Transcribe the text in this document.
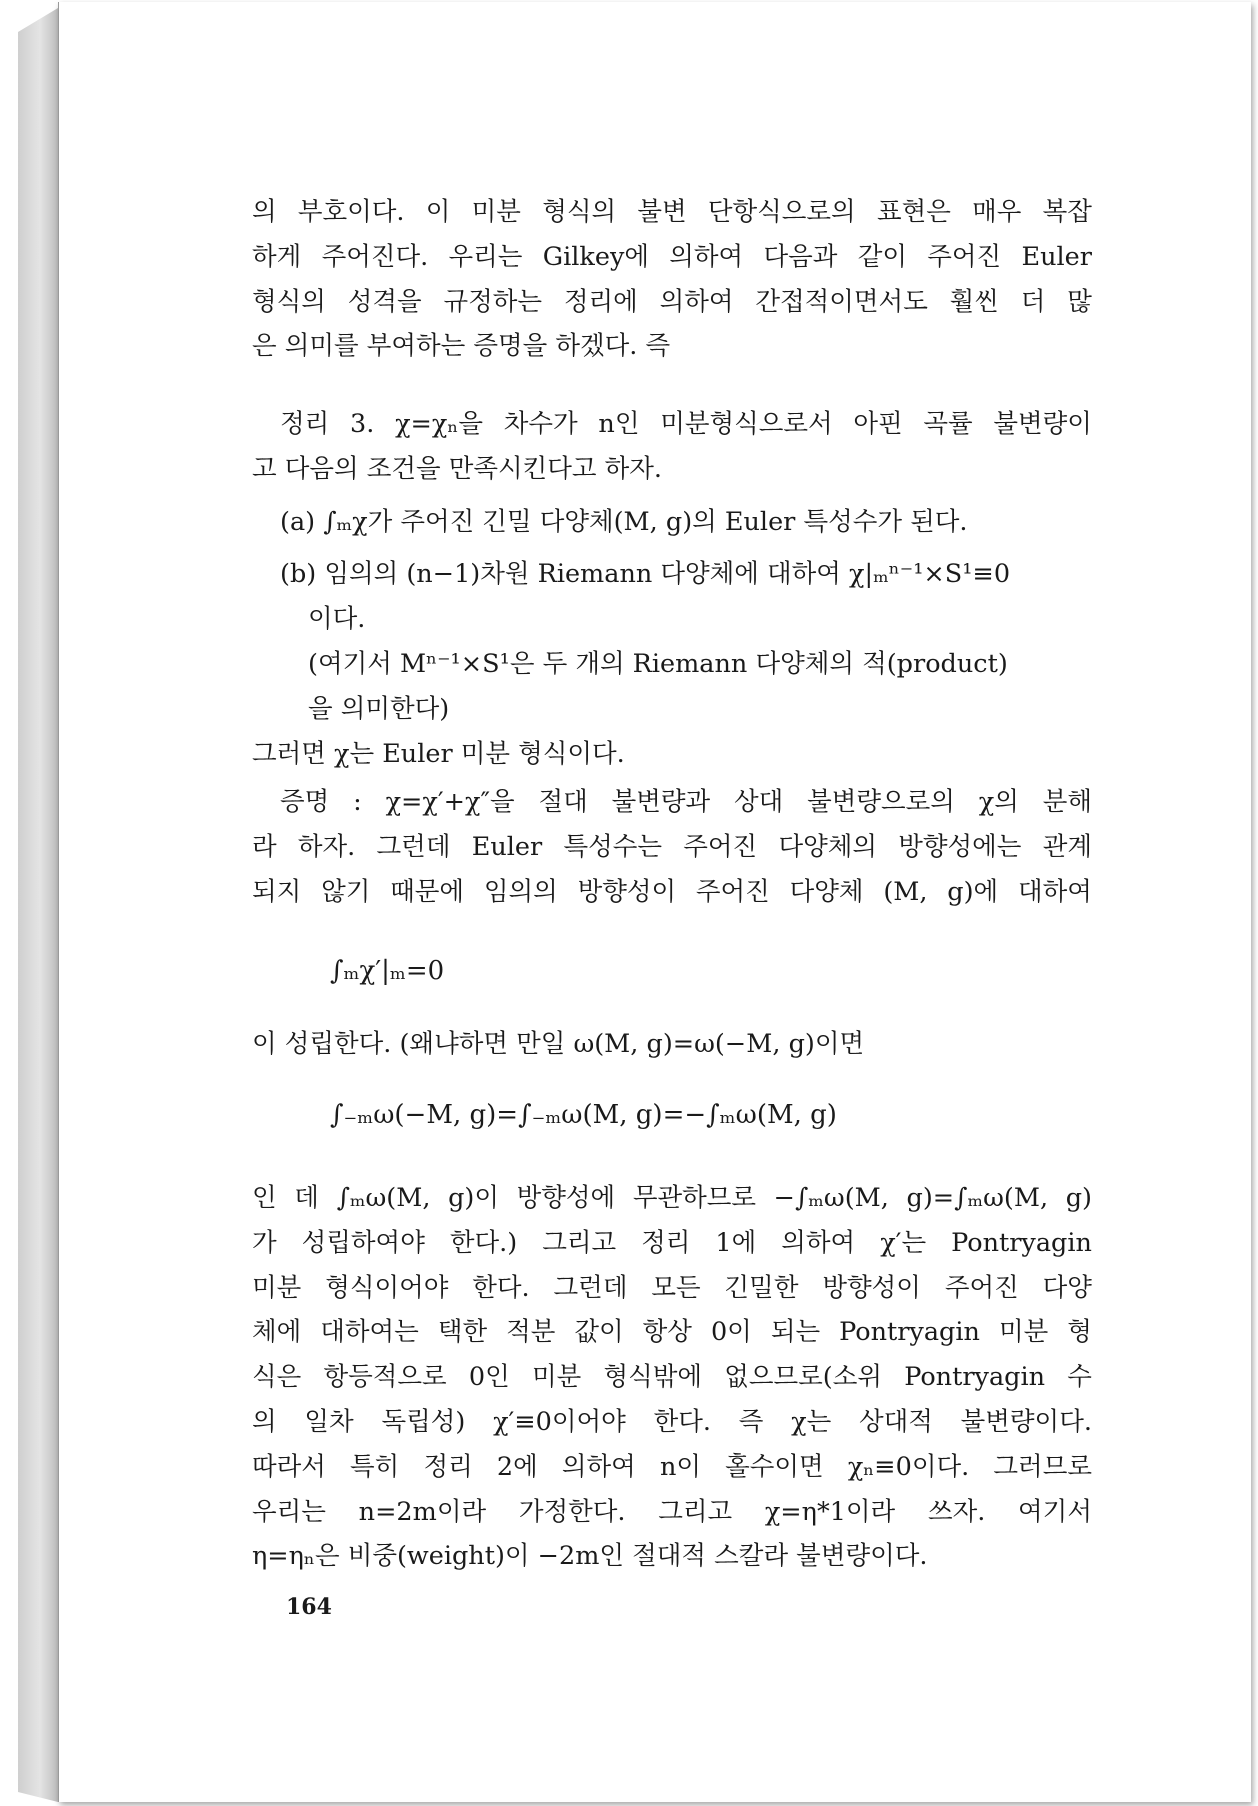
의 부호이다. 이 미분 형식의 불변 단항식으로의 표현은 매우 복잡
하게 주어진다. 우리는 Gilkey에 의하여 다음과 같이 주어진 Euler
형식의 성격을 규정하는 정리에 의하여 간접적이면서도 훨씬 더 많
은 의미를 부여하는 증명을 하겠다. 즉
정리 3. χ=χₙ을 차수가 n인 미분형식으로서 아핀 곡률 불변량이
고 다음의 조건을 만족시킨다고 하자.
(a) ∫ₘχ가 주어진 긴밀 다양체(M, g)의 Euler 특성수가 된다.
(b) 임의의 (n−1)차원 Riemann 다양체에 대하여 χ|ₘⁿ⁻¹×S¹≡0
이다.
(여기서 Mⁿ⁻¹×S¹은 두 개의 Riemann 다양체의 적(product)
을 의미한다)
그러면 χ는 Euler 미분 형식이다.
증명 : χ=χ′+χ″을 절대 불변량과 상대 불변량으로의 χ의 분해
라 하자. 그런데 Euler 특성수는 주어진 다양체의 방향성에는 관계
되지 않기 때문에 임의의 방향성이 주어진 다양체 (M, g)에 대하여
∫ₘχ′|ₘ=0
이 성립한다. (왜냐하면 만일 ω(M, g)=ω(−M, g)이면
∫₋ₘω(−M, g)=∫₋ₘω(M, g)=−∫ₘω(M, g)
인 데 ∫ₘω(M, g)이 방향성에 무관하므로 −∫ₘω(M, g)=∫ₘω(M, g)
가 성립하여야 한다.) 그리고 정리 1에 의하여 χ′는 Pontryagin
미분 형식이어야 한다. 그런데 모든 긴밀한 방향성이 주어진 다양
체에 대하여는 택한 적분 값이 항상 0이 되는 Pontryagin 미분 형
식은 항등적으로 0인 미분 형식밖에 없으므로(소위 Pontryagin 수
의 일차 독립성) χ′≡0이어야 한다. 즉 χ는 상대적 불변량이다.
따라서 특히 정리 2에 의하여 n이 홀수이면 χₙ≡0이다. 그러므로
우리는 n=2m이라 가정한다. 그리고 χ=η*1이라 쓰자. 여기서
η=ηₙ은 비중(weight)이 −2m인 절대적 스칼라 불변량이다.
164
